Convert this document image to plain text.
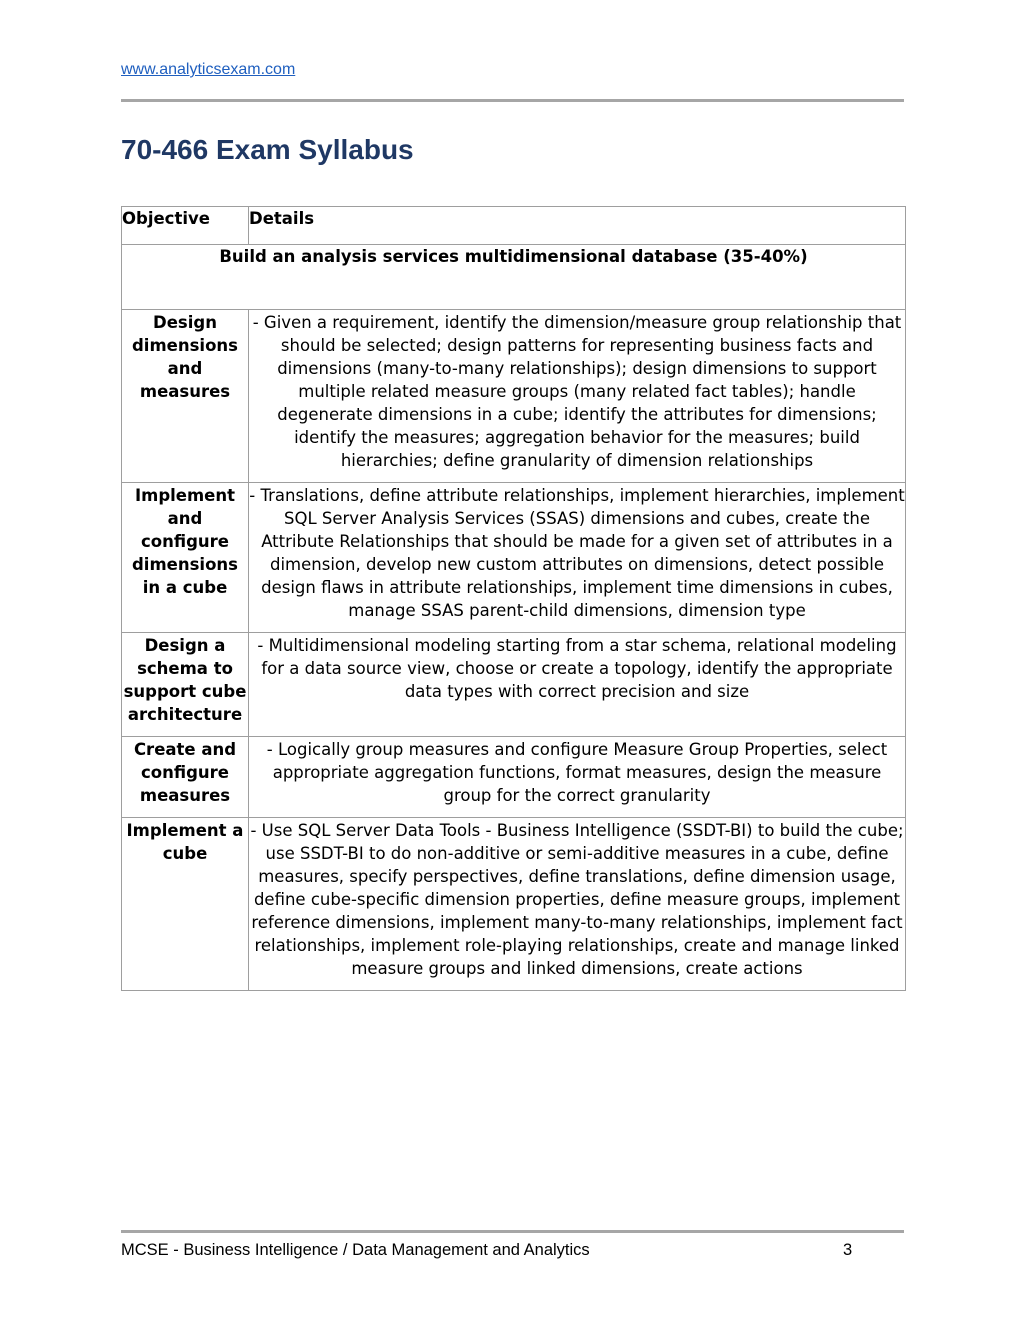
www.analyticsexam.com
70-466 Exam Syllabus
Objective	Details
Build an analysis services multidimensional database (35-40%)	
Design dimensions and measures	- Given a requirement, identify the dimension/measure group relationship that should be selected; design patterns for representing business facts and dimensions (many-to-many relationships); design dimensions to support multiple related measure groups (many related fact tables); handle degenerate dimensions in a cube; identify the attributes for dimensions; identify the measures; aggregation behavior for the measures; build hierarchies; define granularity of dimension relationships
Implement and configure dimensions in a cube	- Translations, define attribute relationships, implement hierarchies, implement SQL Server Analysis Services (SSAS) dimensions and cubes, create the Attribute Relationships that should be made for a given set of attributes in a dimension, develop new custom attributes on dimensions, detect possible design flaws in attribute relationships, implement time dimensions in cubes, manage SSAS parent-child dimensions, dimension type
Design a schema to support cube architecture	- Multidimensional modeling starting from a star schema, relational modeling for a data source view, choose or create a topology, identify the appropriate data types with correct precision and size
Create and configure measures	- Logically group measures and configure Measure Group Properties, select appropriate aggregation functions, format measures, design the measure group for the correct granularity
Implement a cube	- Use SQL Server Data Tools - Business Intelligence (SSDT-BI) to build the cube; use SSDT-BI to do non-additive or semi-additive measures in a cube, define measures, specify perspectives, define translations, define dimension usage, define cube-specific dimension properties, define measure groups, implement reference dimensions, implement many-to-many relationships, implement fact relationships, implement role-playing relationships, create and manage linked measure groups and linked dimensions, create actions
MCSE - Business Intelligence / Data Management and Analytics	3
